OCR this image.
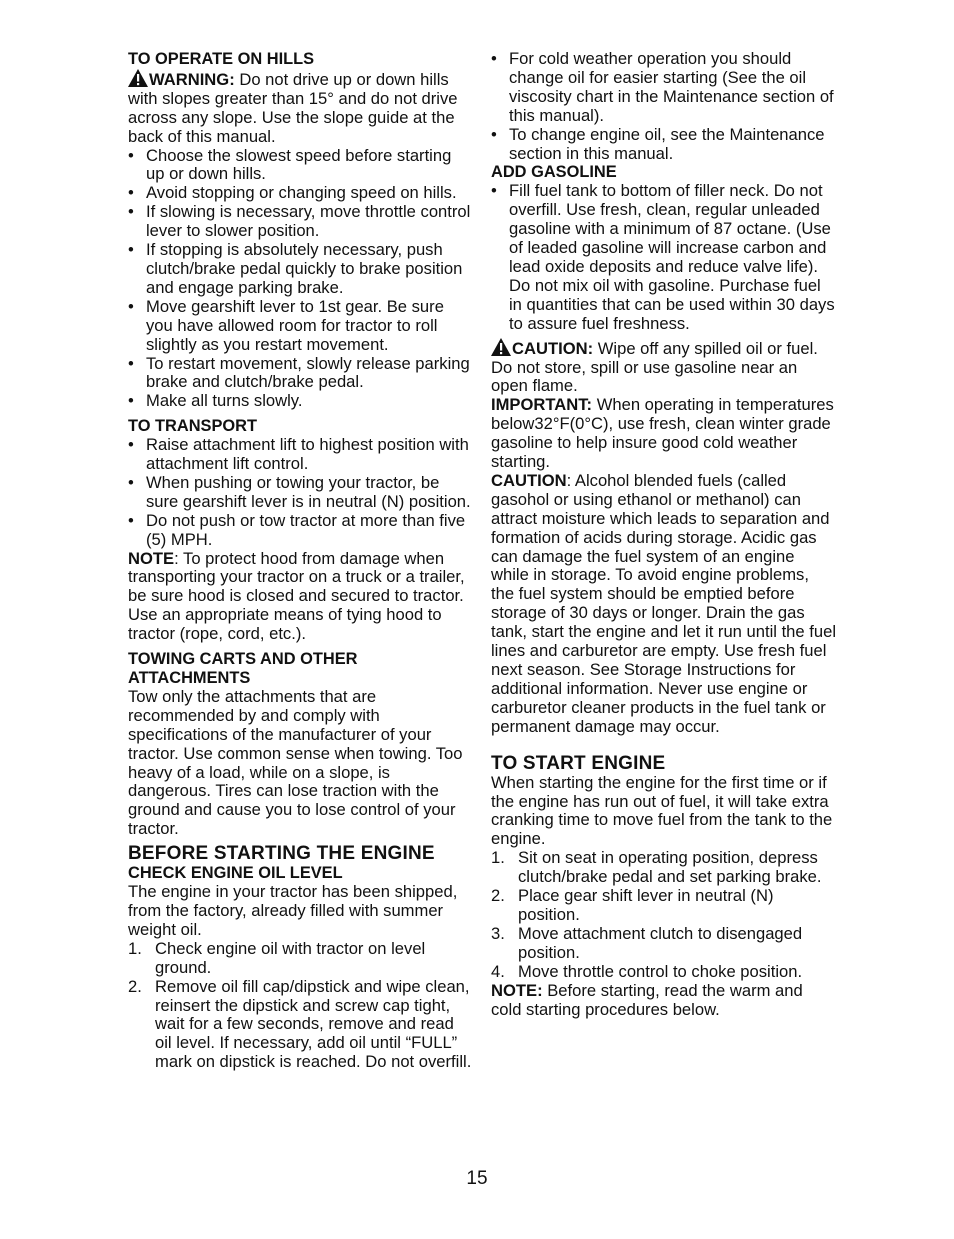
TO OPERATE ON HILLS

WARNING: Do not drive up or down hills with slopes greater than 15° and do not drive across any slope. Use the slope guide at the back of this manual.

• Choose the slowest speed before starting up or down hills.
• Avoid stopping or changing speed on hills.
• If slowing is necessary, move throttle control lever to slower position.
• If stopping is absolutely necessary, push clutch/brake pedal quickly to brake position and engage parking brake.
• Move gearshift lever to 1st gear. Be sure you have allowed room for tractor to roll slightly as you restart movement.
• To restart movement, slowly release parking brake and clutch/brake pedal.
• Make all turns slowly.
TO TRANSPORT
• Raise attachment lift to highest position with attachment lift control.
• When pushing or towing your tractor, be sure gearshift lever is in neutral (N) position.
• Do not push or tow tractor at more than five (5) MPH.

NOTE: To protect hood from damage when transporting your tractor on a truck or a trailer, be sure hood is closed and secured to tractor. Use an appropriate means of tying hood to tractor (rope, cord, etc.).

TOWING CARTS AND OTHER ATTACHMENTS

Tow only the attachments that are recommended by and comply with specifications of the manufacturer of your tractor. Use common sense when towing. Too heavy of a load, while on a slope, is dangerous. Tires can lose traction with the ground and cause you to lose control of your tractor.

BEFORE STARTING THE ENGINE
CHECK ENGINE OIL LEVEL

The engine in your tractor has been shipped, from the factory, already filled with summer weight oil.

1. Check engine oil with tractor on level ground.
2. Remove oil fill cap/dipstick and wipe clean, reinsert the dipstick and screw cap tight, wait for a few seconds, remove and read oil level. If necessary, add oil until “FULL” mark on dipstick is reached. Do not overfill.
• For cold weather operation you should change oil for easier starting (See the oil viscosity chart in the Maintenance section of this manual).
• To change engine oil, see the Maintenance section in this manual.
ADD GASOLINE
• Fill fuel tank to bottom of filler neck. Do not overfill. Use fresh, clean, regular unleaded gasoline with a minimum of 87 octane. (Use of leaded gasoline will increase carbon and lead oxide deposits and reduce valve life). Do not mix oil with gasoline. Purchase fuel in quantities that can be used within 30 days to assure fuel freshness.

CAUTION: Wipe off any spilled oil or fuel. Do not store, spill or use gasoline near an open flame.

IMPORTANT: When operating in temperatures below32°F(0°C), use fresh, clean winter grade gasoline to help insure good cold weather starting.

CAUTION: Alcohol blended fuels (called gasohol or using ethanol or methanol) can attract moisture which leads to separation and formation of acids during storage. Acidic gas can damage the fuel system of an engine while in storage. To avoid engine problems, the fuel system should be emptied before storage of 30 days or longer. Drain the gas tank, start the engine and let it run until the fuel lines and carburetor are empty. Use fresh fuel next season. See Storage Instructions for additional information. Never use engine or carburetor cleaner products in the fuel tank or permanent damage may occur.

TO START ENGINE

When starting the engine for the first time or if the engine has run out of fuel, it will take extra cranking time to move fuel from the tank to the engine.

1. Sit on seat in operating position, depress clutch/brake pedal and set parking brake.
2. Place gear shift lever in neutral (N) position.
3. Move attachment clutch to disengaged position.
4. Move throttle control to choke position.

NOTE: Before starting, read the warm and cold starting procedures below.

15
